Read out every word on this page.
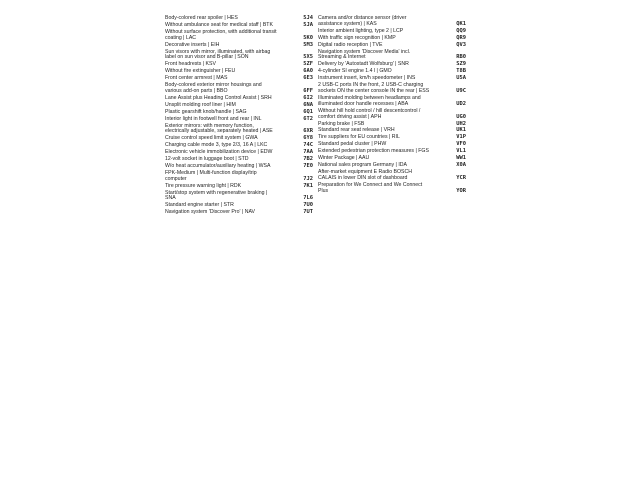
Body-colored rear spoiler | HES	5J4
Without ambulance seat for medical staff | BTK	5JA
Without surface protection, with additional transit coating | LAC	5K0
Decorative inserts | EIH	5M3
Sun visors with mirror, illuminated, with airbag label on sun visor and B-pillar | SON	5X5
Front headrests | KSV	5ZF
Without fire extinguisher | FEU	6A0
Front center armrest | MAS	6E3
Body-colored exterior mirror housings and various add-on parts | BBO	6FF
Lane Assist plus Heading Control Assist | SRH	6I2
Unsplit molding roof liner | HIM	6NA
Plastic gearshift knob/handle | SAG	6Q1
Interior light in footwell front and rear | INL	6T2
Exterior mirrors: with memory function, electrically adjustable, separately heated | ASE	6XR
Cruise control speed limit system | GWA	6Y8
Charging cable mode 3, type 2/3, 16 A | LKC	74C
Electronic vehicle immobilization device | EDW	7AA
12-volt socket in luggage boot | STD	7B2
W/o heat accumulator/auxiliary heating | WSA	7E0
FPK-Medium | Multi-function display/trip computer	7J2
Tire pressure warning light | RDK	7K1
Start/stop system with regenerative braking | SNA	7L6
Standard engine starter | STR	7U0
Navigation system 'Discover Pro' | NAV	7UT
Camera and/or distance sensor (driver assistance system) | KAS	QK1
Interior ambient lighting, type 2 | LCP	QQ9
With traffic sign recognition | KMP	QR9
Digital radio reception | TVE	QV3
Navigation system 'Discover Media' incl. Streaming & Internet	RB0
Delivery by 'Autostadt Wolfsburg' | SNR	SZ9
4-cylinder SI engine 1.4 l | GMO	T8B
Instrument insert, km/h speedometer | INS	U5A
2 USB-C ports IN the front, 2 USB-C charging sockets ON the center console IN the rear | ESS	U9C
Illuminated molding between headlamps and illuminated door handle recesses | ABA	UD2
Without hill hold control / hill descentcontrol / comfort driving assist | APH	UG0
Parking brake | FSB	UH2
Standard rear seat release | VRH	UK1
Tire suppliers for EU countries | RIL	V1P
Standard pedal cluster | PHW	VF0
Extended pedestrian protection measures | FGS	VL1
Winter Package | AAU	WW1
National sales program Germany | IDA	X0A
After-market equipment E Radio BOSCH CALAIS in lower DIN slot of dashboard	YCR
Preparation for We Connect and We Connect Plus	YOR
